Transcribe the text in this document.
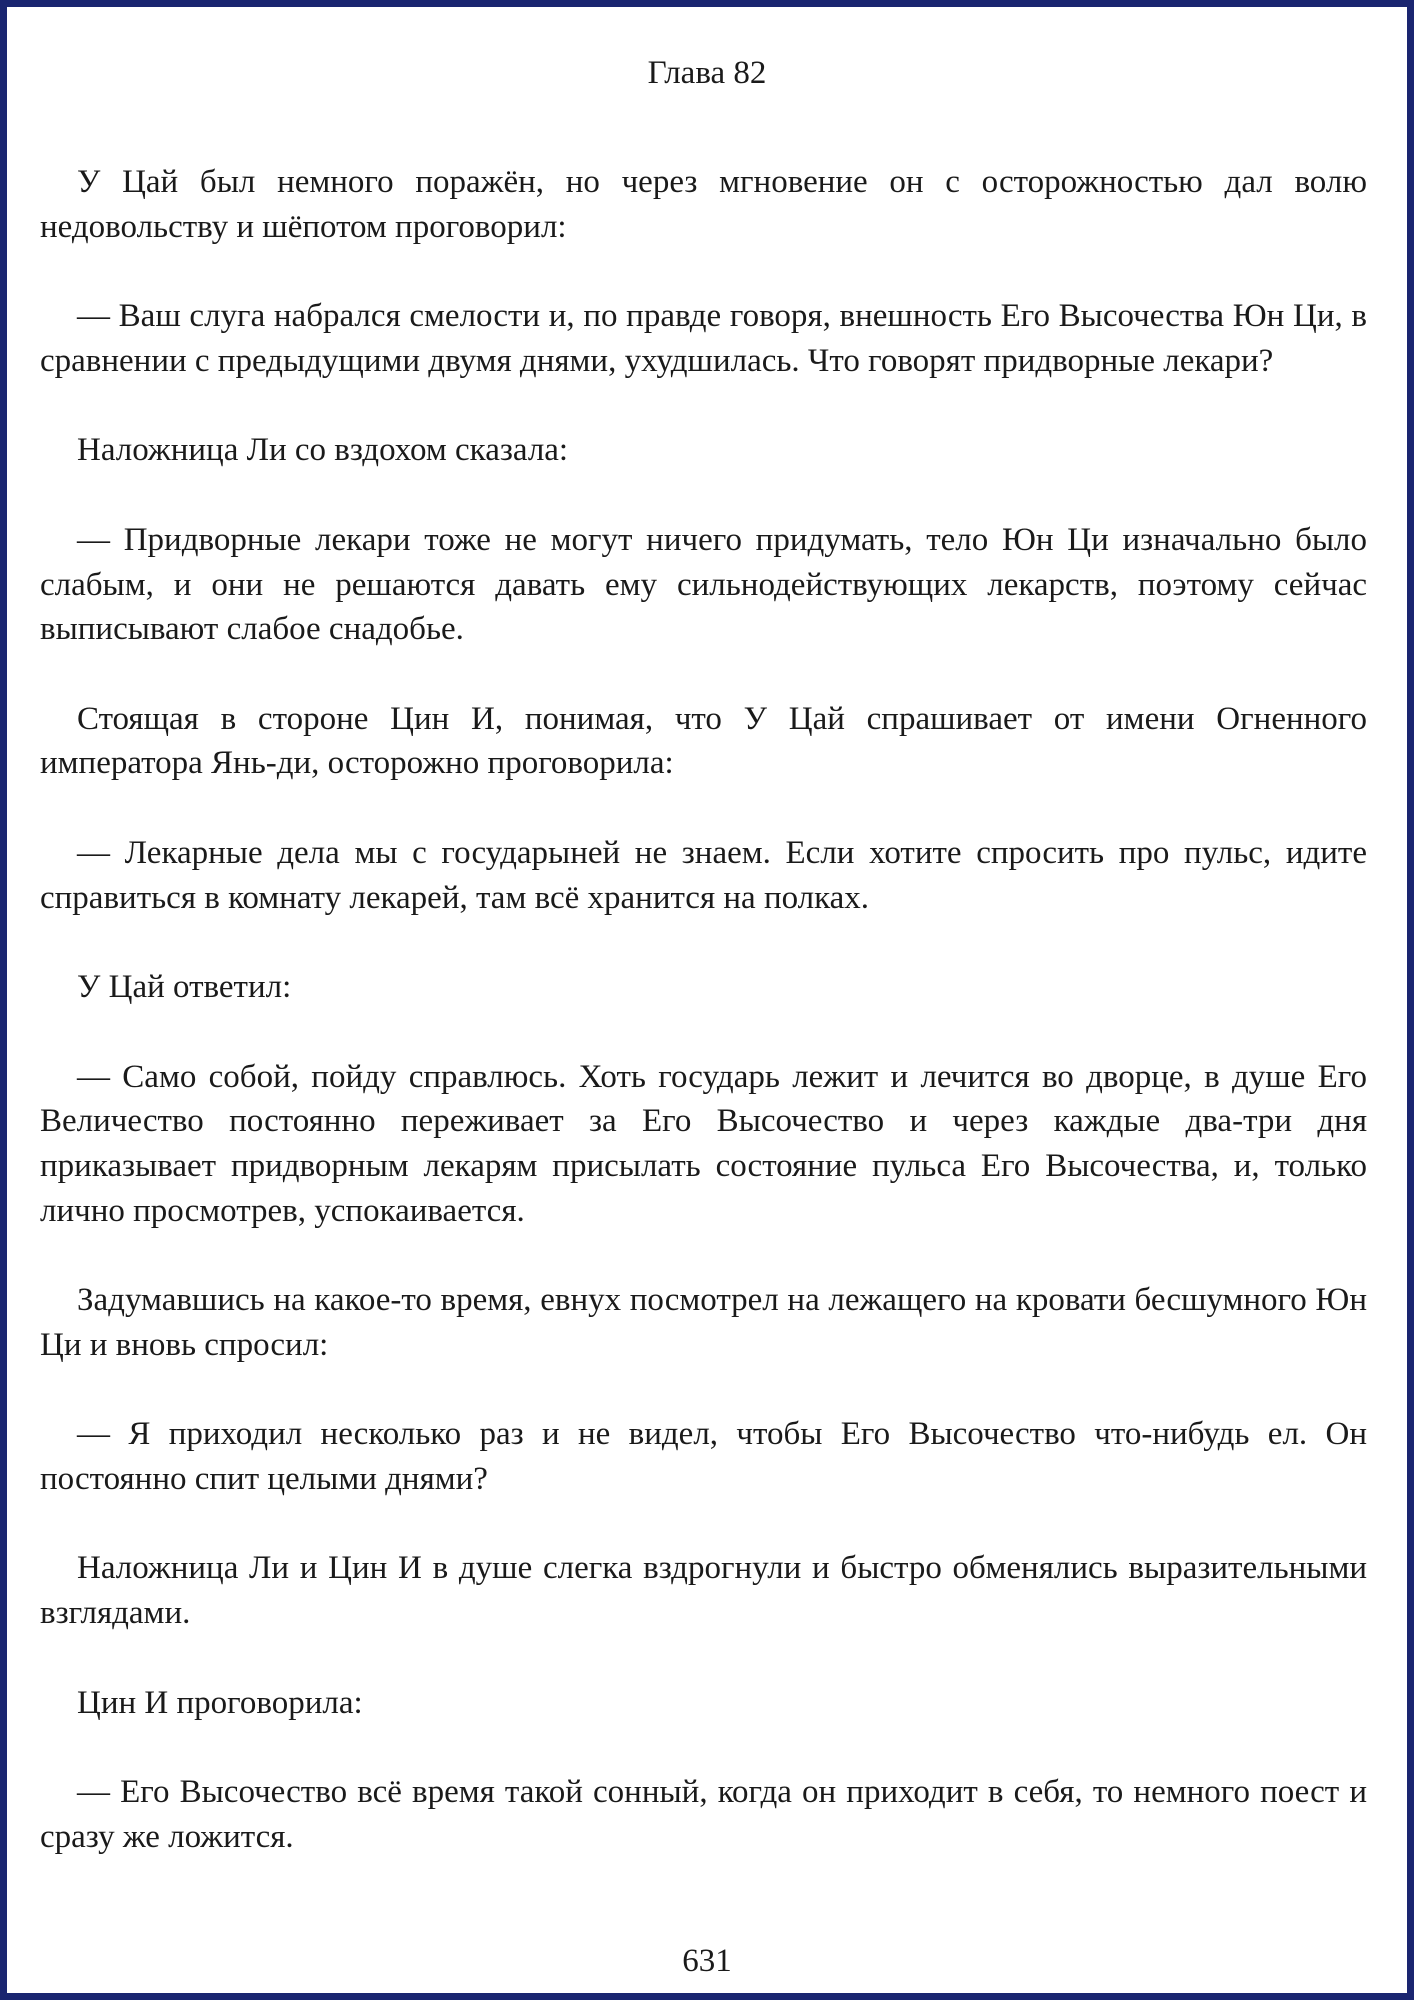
Глава 82

У Цай был немного поражён, но через мгновение он с осторожностью дал волю недовольству и шёпотом проговорил:

— Ваш слуга набрался смелости и, по правде говоря, внешность Его Высочества Юн Ци, в сравнении с предыдущими двумя днями, ухудшилась. Что говорят придворные лекари?

Наложница Ли со вздохом сказала:

— Придворные лекари тоже не могут ничего придумать, тело Юн Ци изначально было слабым, и они не решаются давать ему сильнодействующих лекарств, поэтому сейчас выписывают слабое снадобье.

Стоящая в стороне Цин И, понимая, что У Цай спрашивает от имени Огненного императора Янь-ди, осторожно проговорила:

— Лекарные дела мы с государыней не знаем. Если хотите спросить про пульс, идите справиться в комнату лекарей, там всё хранится на полках.

У Цай ответил:

— Само собой, пойду справлюсь. Хоть государь лежит и лечится во дворце, в душе Его Величество постоянно переживает за Его Высочество и через каждые два-три дня приказывает придворным лекарям присылать состояние пульса Его Высочества, и, только лично просмотрев, успокаивается.

Задумавшись на какое-то время, евнух посмотрел на лежащего на кровати бесшумного Юн Ци и вновь спросил:

— Я приходил несколько раз и не видел, чтобы Его Высочество что-нибудь ел. Он постоянно спит целыми днями?

Наложница Ли и Цин И в душе слегка вздрогнули и быстро обменялись выразительными взглядами.

Цин И проговорила:

— Его Высочество всё время такой сонный, когда он приходит в себя, то немного поест и сразу же ложится.

631
